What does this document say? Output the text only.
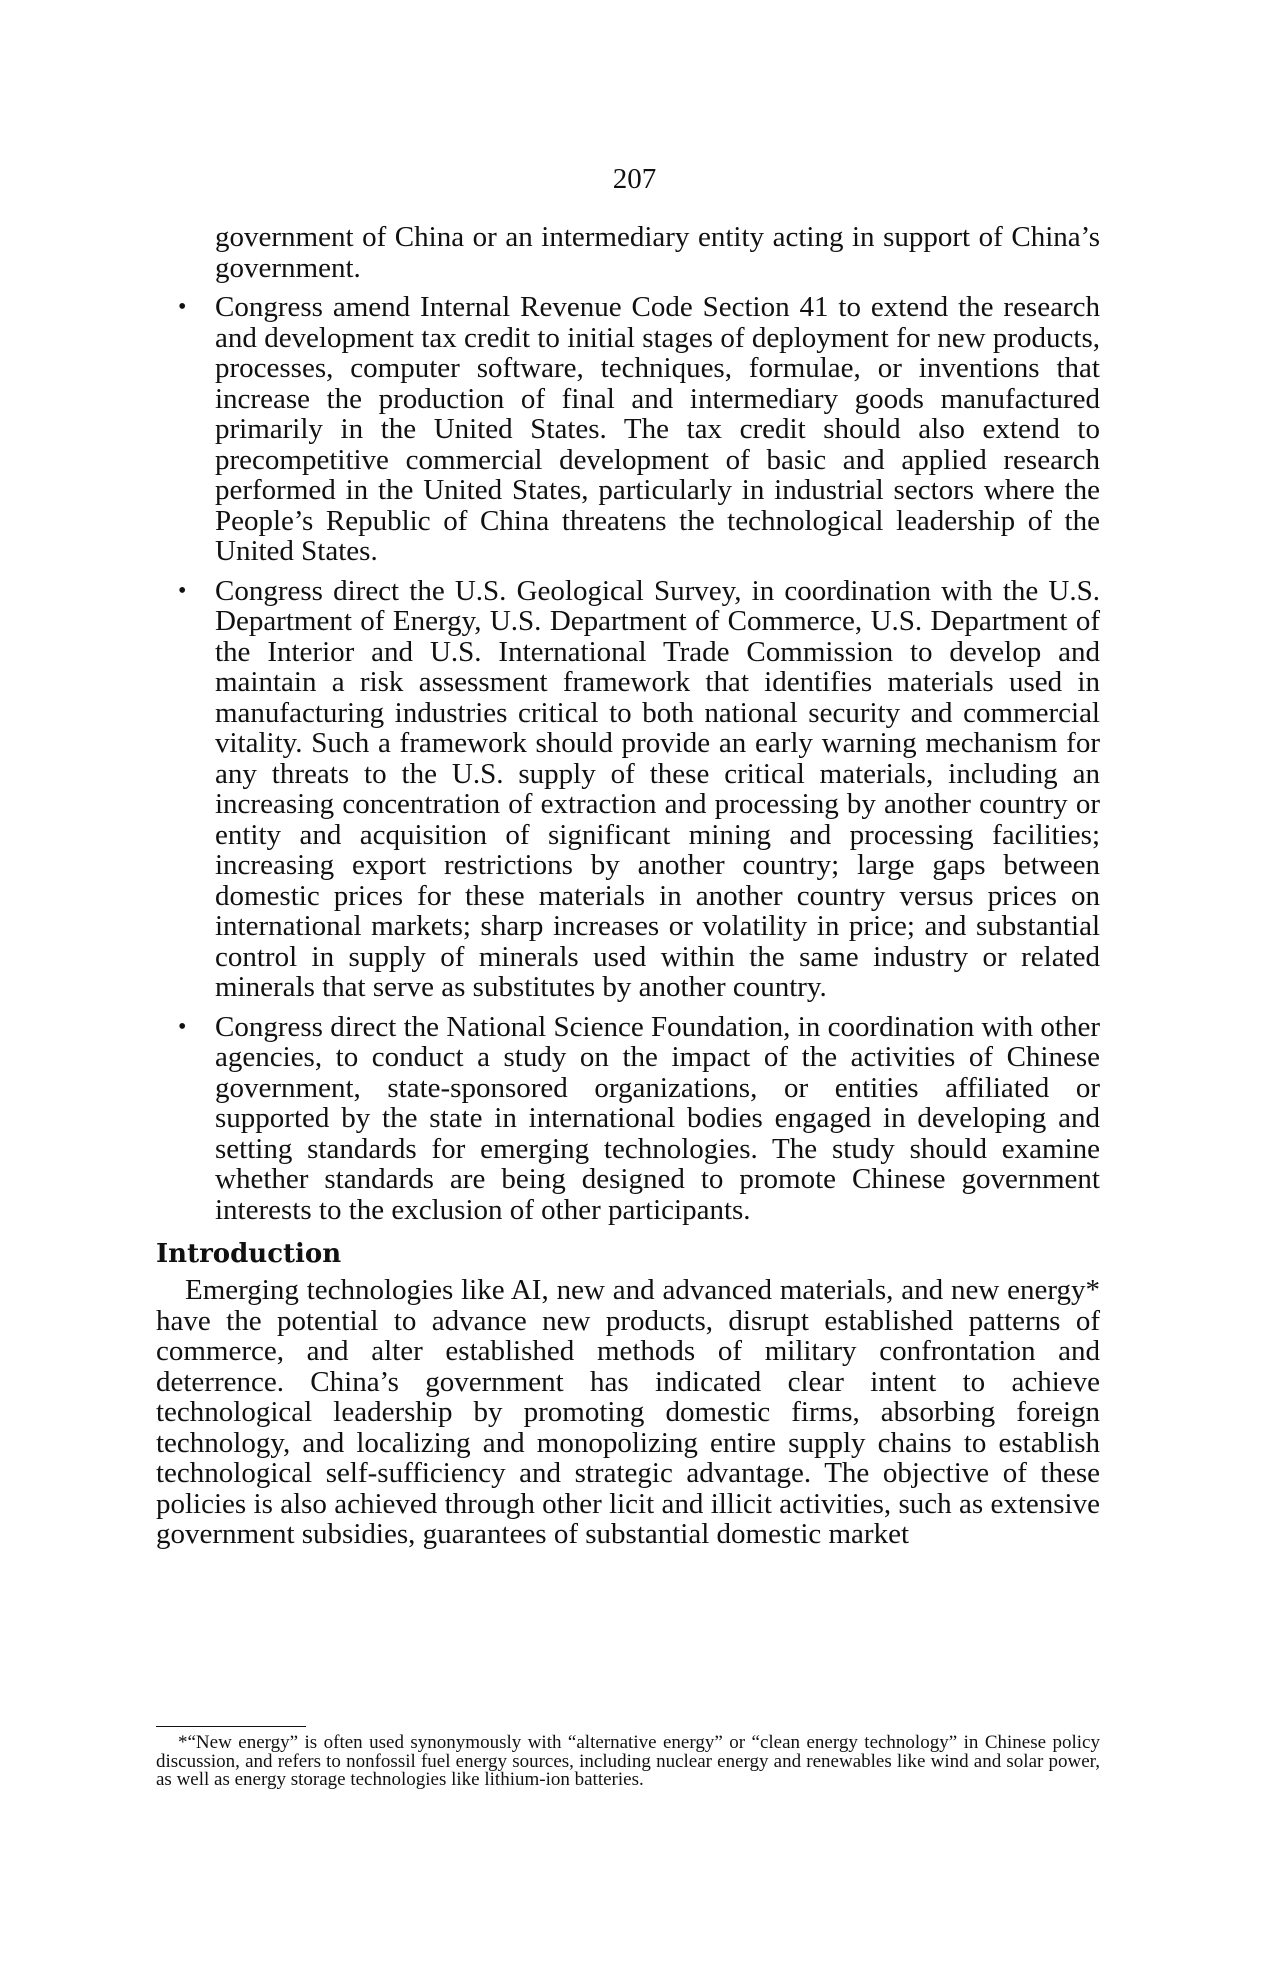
207

government of China or an intermediary entity acting in support of China’s government.

• Congress amend Internal Revenue Code Section 41 to extend the research and development tax credit to initial stages of deployment for new products, processes, computer software, techniques, formulae, or inventions that increase the production of final and intermediary goods manufactured primarily in the United States. The tax credit should also extend to precompetitive commercial development of basic and applied research performed in the United States, particularly in industrial sectors where the People’s Republic of China threatens the technological leadership of the United States.

• Congress direct the U.S. Geological Survey, in coordination with the U.S. Department of Energy, U.S. Department of Commerce, U.S. Department of the Interior and U.S. International Trade Commission to develop and maintain a risk assessment framework that identifies materials used in manufacturing industries critical to both national security and commercial vitality. Such a framework should provide an early warning mechanism for any threats to the U.S. supply of these critical materials, including an increasing concentration of extraction and processing by another country or entity and acquisition of significant mining and processing facilities; increasing export restrictions by another country; large gaps between domestic prices for these materials in another country versus prices on international markets; sharp increases or volatility in price; and substantial control in supply of minerals used within the same industry or related minerals that serve as substitutes by another country.

• Congress direct the National Science Foundation, in coordination with other agencies, to conduct a study on the impact of the activities of Chinese government, state-sponsored organizations, or entities affiliated or supported by the state in international bodies engaged in developing and setting standards for emerging technologies. The study should examine whether standards are being designed to promote Chinese government interests to the exclusion of other participants.

Introduction

Emerging technologies like AI, new and advanced materials, and new energy* have the potential to advance new products, disrupt established patterns of commerce, and alter established methods of military confrontation and deterrence. China’s government has indicated clear intent to achieve technological leadership by promoting domestic firms, absorbing foreign technology, and localizing and monopolizing entire supply chains to establish technological self-sufficiency and strategic advantage. The objective of these policies is also achieved through other licit and illicit activities, such as extensive government subsidies, guarantees of substantial domestic market

*“New energy” is often used synonymously with “alternative energy” or “clean energy technology” in Chinese policy discussion, and refers to nonfossil fuel energy sources, including nuclear energy and renewables like wind and solar power, as well as energy storage technologies like lithium-ion batteries.
